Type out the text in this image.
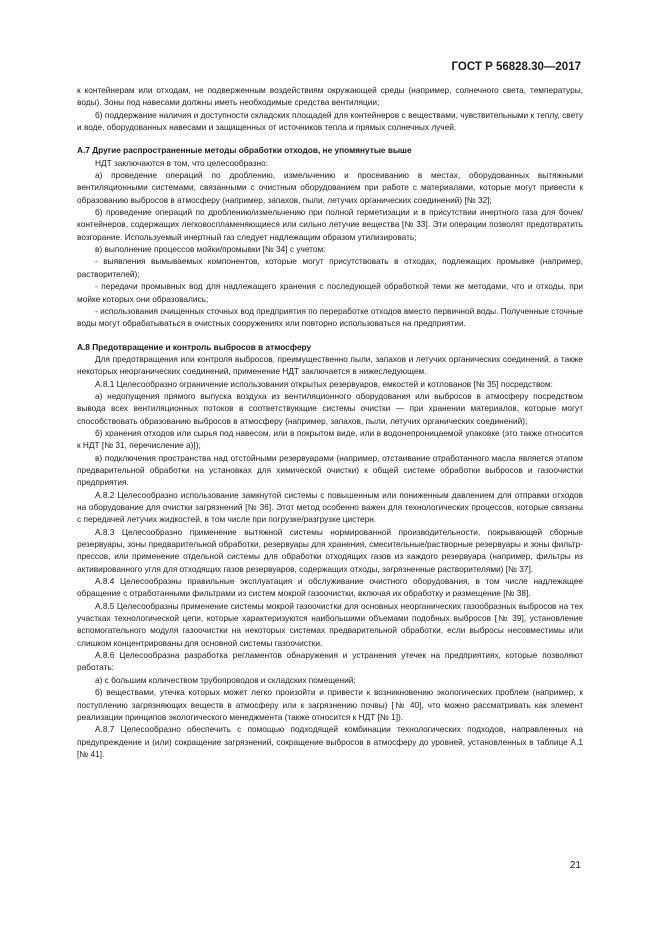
ГОСТ Р 56828.30—2017

к контейнерам или отходам, не подверженным воздействиям окружающей среды (например, солнечного света, температуры, воды). Зоны под навесами должны иметь необходимые средства вентиляции;

б) поддержание наличия и доступности складских площадей для контейнеров с веществами, чувствительными к теплу, свету и воде, оборудованных навесами и защищенных от источников тепла и прямых солнечных лучей.

А.7 Другие распространенные методы обработки отходов, не упомянутые выше

НДТ заключаются в том, что целесообразно:

а) проведение операций по дроблению, измельчению и просеиванию в местах, оборудованных вытяжными вентиляционными системами, связанными с очистным оборудованием при работе с материалами, которые могут привести к образованию выбросов в атмосферу (например, запахов, пыли, летучих органических соединений) [№ 32];

б) проведение операций по дроблению/измельчению при полной герметизации и в присутствии инертного газа для бочек/контейнеров, содержащих легковоспламеняющиеся или сильно летучие вещества [№ 33]. Эти операции позволят предотвратить возгорание. Используемый инертный газ следует надлежащим образом утилизировать;

в) выполнение процессов мойки/промывки [№ 34] с учетом:

- выявления вымываемых компонентов, которые могут присутствовать в отходах, подлежащих промывке (например, растворителей);

- передачи промывных вод для надлежащего хранения с последующей обработкой теми же методами, что и отходы, при мойке которых они образовались;

- использования очищенных сточных вод предприятия по переработке отходов вместо первичной воды. Полученные сточные воды могут обрабатываться в очистных сооружениях или повторно использоваться на предприятии.

А.8 Предотвращение и контроль выбросов в атмосферу

Для предотвращения или контроля выбросов, преимущественно пыли, запахов и летучих органических соединений, а также некоторых неорганических соединений, применение НДТ заключается в нижеследующем.

А.8.1 Целесообразно ограничение использования открытых резервуаров, емкостей и котлованов [№ 35] посредством:

а) недопущения прямого выпуска воздуха из вентиляционного оборудования или выбросов в атмосферу посредством вывода всех вентиляционных потоков в соответствующие системы очистки — при хранении материалов, которые могут способствовать образованию выбросов в атмосферу (например, запахов, пыли, летучих органических соединений);

б) хранения отходов или сырья под навесом, или в покрытом виде, или в водонепроницаемой упаковке (это также относится к НДТ [№ 31, перечисление а)]);

в) подключения пространства над отстойными резервуарами (например, отстаивание отработанного масла является этапом предварительной обработки на установках для химической очистки) к общей системе обработки выбросов и газоочистки предприятия.

А.8.2 Целесообразно использование замкнутой системы с повышенным или пониженным давлением для отправки отходов на оборудование для очистки загрязнений [№ 36]. Этот метод особенно важен для технологических процессов, которые связаны с передачей летучих жидкостей, в том числе при погрузке/разгрузке цистерн.

А.8.3 Целесообразно применение вытяжной системы нормированной производительности, покрывающей сборные резервуары, зоны предварительной обработки, резервуары для хранения, смесительные/растворные резервуары и зоны фильтр-прессов, или применение отдельной системы для обработки отходящих газов из каждого резервуара (например, фильтры из активированного угля для отходящих газов резервуаров, содержащих отходы, загрязненные растворителями) [№ 37].

А.8.4 Целесообразны правильные эксплуатация и обслуживание очистного оборудования, в том числе надлежащее обращение с отработанными фильтрами из систем мокрой газоочистки, включая их обработку и размещение [№ 38].

А.8.5 Целесообразны применение системы мокрой газоочистки для основных неорганических газообразных выбросов на тех участках технологической цепи, которые характеризуются наибольшими объемами подобных выбросов [№ 39], установление вспомогательного модуля газоочистки на некоторых системах предварительной обработки, если выбросы несовместимы или слишком концентрированы для основной системы газоочистки.

А.8.6 Целесообразна разработка регламентов обнаружения и устранения утечек на предприятиях, которые позволяют работать:

а) с большим количеством трубопроводов и складских помещений;

б) веществами, утечка которых может легко произойти и привести к возникновению экологических проблем (например, к поступлению загрязняющих веществ в атмосферу или к загрязнению почвы) [№ 40], что можно рассматривать как элемент реализации принципов экологического менеджмента (также относится к НДТ [№ 1]).

А.8.7 Целесообразно обеспечить с помощью подходящей комбинации технологических подходов, направленных на предупреждение и (или) сокращение загрязнений, сокращение выбросов в атмосферу до уровней, установленных в таблице А.1 [№ 41].

21
